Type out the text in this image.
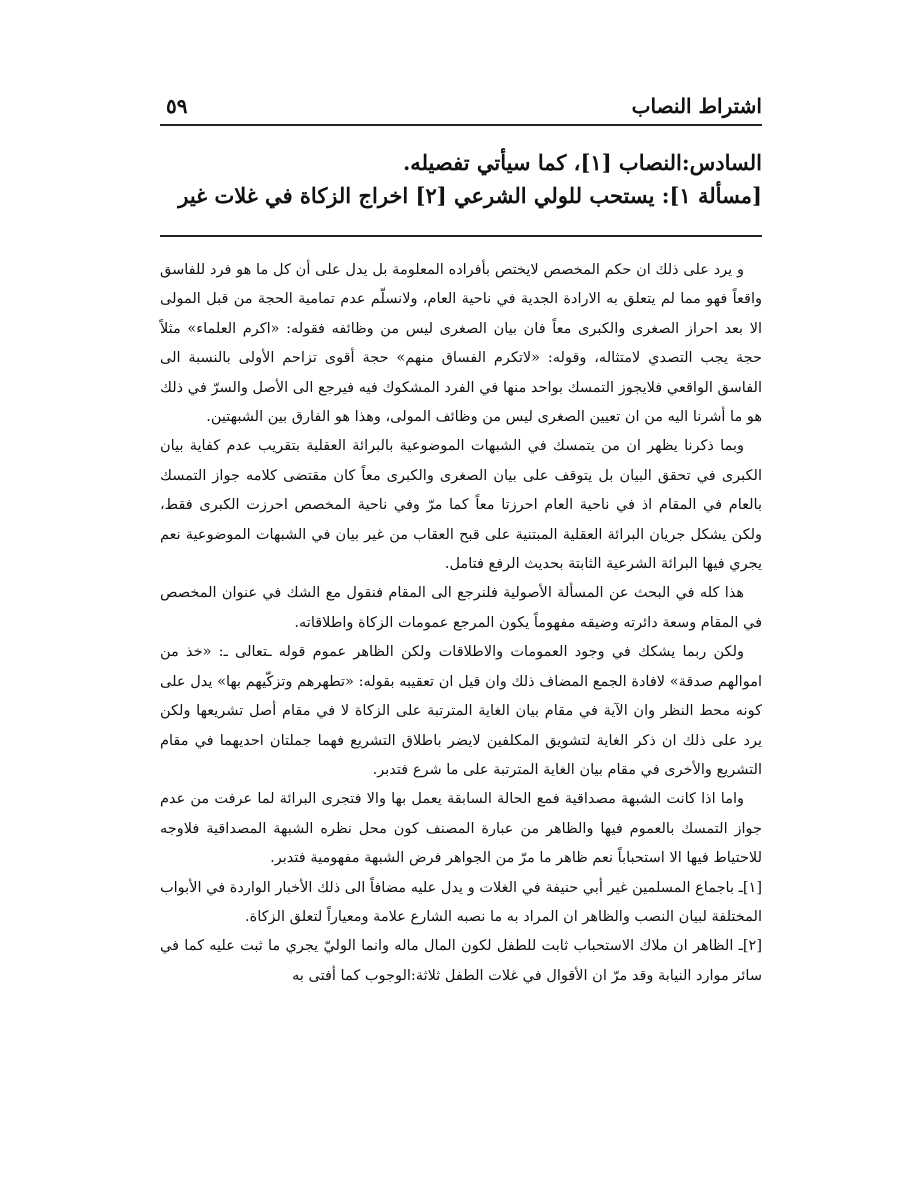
اشتراط النصاب
٥٩

السادس:النصاب [١]، كما سيأتي تفصيله.

[مسألة ١]: يستحب للولي الشرعي [٢] اخراج الزكاة في غلات غير

و يرد على ذلك ان حكم المخصص لايختص بأفراده المعلومة بل يدل على أن كل ما هو فرد للفاسق واقعاً فهو مما لم يتعلق به الارادة الجدية في ناحية العام، ولانسلّم عدم تمامية الحجة من قبل المولى الا بعد احراز الصغرى والكبرى معاً فان بيان الصغرى ليس من وظائفه فقوله: «اكرم العلماء» مثلاً حجة يجب التصدي لامتثاله، وقوله: «لاتكرم الفساق منهم» حجة أقوى تزاحم الأولى بالنسبة الى الفاسق الواقعي فلايجوز التمسك بواحد منها في الفرد المشكوك فيه فيرجع الى الأصل والسرّ في ذلك هو ما أشرنا اليه من ان تعيين الصغرى ليس من وظائف المولى، وهذا هو الفارق بين الشبهتين.

وبما ذكرنا يظهر ان من يتمسك في الشبهات الموضوعية بالبرائة العقلية بتقريب عدم كفاية بيان الكبرى في تحقق البيان بل يتوقف على بيان الصغرى والكبرى معاً كان مقتضى كلامه جواز التمسك بالعام في المقام اذ في ناحية العام احرزتا معاً كما مرّ وفي ناحية المخصص احرزت الكبرى فقط، ولكن يشكل جريان البرائة العقلية المبتنية على قبح العقاب من غير بيان في الشبهات الموضوعية نعم يجري فيها البرائة الشرعية الثابتة بحديث الرفع فتامل.

هذا كله في البحث عن المسألة الأصولية فلنرجع الى المقام فنقول مع الشك في عنوان المخصص في المقام وسعة دائرته وضيقه مفهوماً يكون المرجع عمومات الزكاة واطلاقاته.

ولكن ربما يشكك في وجود العمومات والاطلاقات ولكن الظاهر عموم قوله ـتعالى ـ: «خذ من اموالهم صدقة» لافادة الجمع المضاف ذلك وان قيل ان تعقيبه بقوله: «تطهرهم وتزكّيهم بها» يدل على كونه محط النظر وان الآية في مقام بيان الغاية المترتبة على الزكاة لا في مقام أصل تشريعها ولكن يرد على ذلك ان ذكر الغاية لتشويق المكلفين لايضر باطلاق التشريع فهما جملتان احديهما في مقام التشريع والأخرى في مقام بيان الغاية المترتبة على ما شرع فتدبر.

واما اذا كانت الشبهة مصداقية فمع الحالة السابقة يعمل بها والا فتجرى البرائة لما عرفت من عدم جواز التمسك بالعموم فيها والظاهر من عبارة المصنف كون محل نظره الشبهة المصداقية فلاوجه للاحتياط فيها الا استحباباً نعم ظاهر ما مرّ من الجواهر فرض الشبهة مفهومية فتدبر.

[١]ـ باجماع المسلمين غير أبي حنيفة في الغلات و يدل عليه مضافاً الى ذلك الأخبار الواردة في الأبواب المختلفة لبيان النصب والظاهر ان المراد به ما نصبه الشارع علامة ومعياراً لتعلق الزكاة.

[٢]ـ الظاهر ان ملاك الاستحباب ثابت للطفل لكون المال ماله وانما الوليّ يجري ما ثبت عليه كما في سائر موارد النيابة وقد مرّ ان الأقوال في غلات الطفل ثلاثة:الوجوب كما أفتى به
